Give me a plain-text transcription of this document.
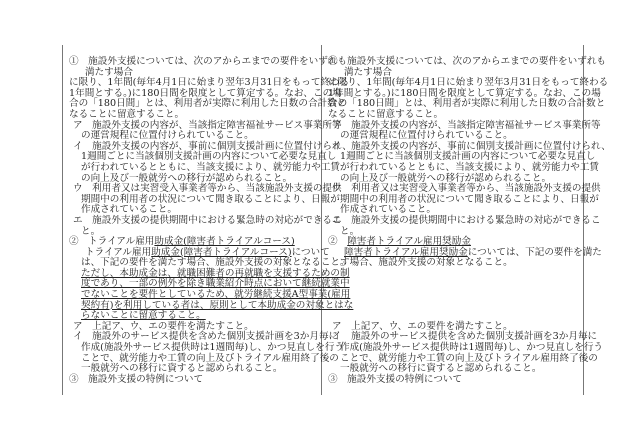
①　施設外支援については、次のアからエまでの要件をいずれも
満たす場合
に限り、1年間(毎年4月1日に始まり翌年3月31日をもって終わる
1年間とする。)に180日間を限度として算定する。なお、この場
合の「180日間」とは、利用者が実際に利用した日数の合計数と
なることに留意すること。
ア　施設外支援の内容が、当該指定障害福祉サービス事業所等
の運営規程に位置付けられていること。
イ　施設外支援の内容が、事前に個別支援計画に位置付けられ、
1週間ごとに当該個別支援計画の内容について必要な見直し
が行われているとともに、当該支援により、就労能力や工賃
の向上及び一般就労への移行が認められること。
ウ　利用者又は実習受入事業者等から、当該施設外支援の提供
期間中の利用者の状況について聞き取ることにより、日報が
作成されていること。
エ　施設外支援の提供期間中における緊急時の対応ができるこ
と。
②　トライアル雇用助成金(障害者トライアルコース)
トライアル雇用助成金(障害者トライアルコース)について
は、下記の要件を満たす場合、施設外支援の対象となること。
ただし、本助成金は、就職困難者の再就職を支援するための制
度であり、一部の例外を除き職業紹介時点において継続就業中
でないことを要件としているため、就労継続支援A型事業(雇用
契約有)を利用している者は、原則として本助成金の対象とはな
らないことに留意すること。
ア　上記ア、ウ、エの要件を満たすこと。
イ　施設外のサービス提供を含めた個別支援計画を3か月毎に
作成(施設外サービス提供時は1週間毎)し、かつ見直しを行う
ことで、就労能力や工賃の向上及びトライアル雇用終了後の
一般就労への移行に資すると認められること。
③　施設外支援の特例について
①　施設外支援については、次のアからエまでの要件をいずれも
満たす場合
に限り、1年間(毎年4月1日に始まり翌年3月31日をもって終わる
1年間とする。)に180日間を限度として算定する。なお、この場
合の「180日間」とは、利用者が実際に利用した日数の合計数と
なることに留意すること。
ア　施設外支援の内容が、当該指定障害福祉サービス事業所等
の運営規程に位置付けられていること。
イ　施設外支援の内容が、事前に個別支援計画に位置付けられ、
1週間ごとに当該個別支援計画の内容について必要な見直し
が行われているとともに、当該支援により、就労能力や工賃
の向上及び一般就労への移行が認められること。
ウ　利用者又は実習受入事業者等から、当該施設外支援の提供
期間中の利用者の状況について聞き取ることにより、日報が
作成されていること。
エ　施設外支援の提供期間中における緊急時の対応ができるこ
と。
②　障害者トライアル雇用奨励金
障害者トライアル雇用奨励金については、下記の要件を満た
す場合、施設外支援の対象となること。
ア　上記ア、ウ、エの要件を満たすこと。
イ　施設外のサービス提供を含めた個別支援計画を3か月毎に
作成(施設外サービス提供時は1週間毎)し、かつ見直しを行う
ことで、就労能力や工賃の向上及びトライアル雇用終了後の
一般就労への移行に資すると認められること。
③　施設外支援の特例について
